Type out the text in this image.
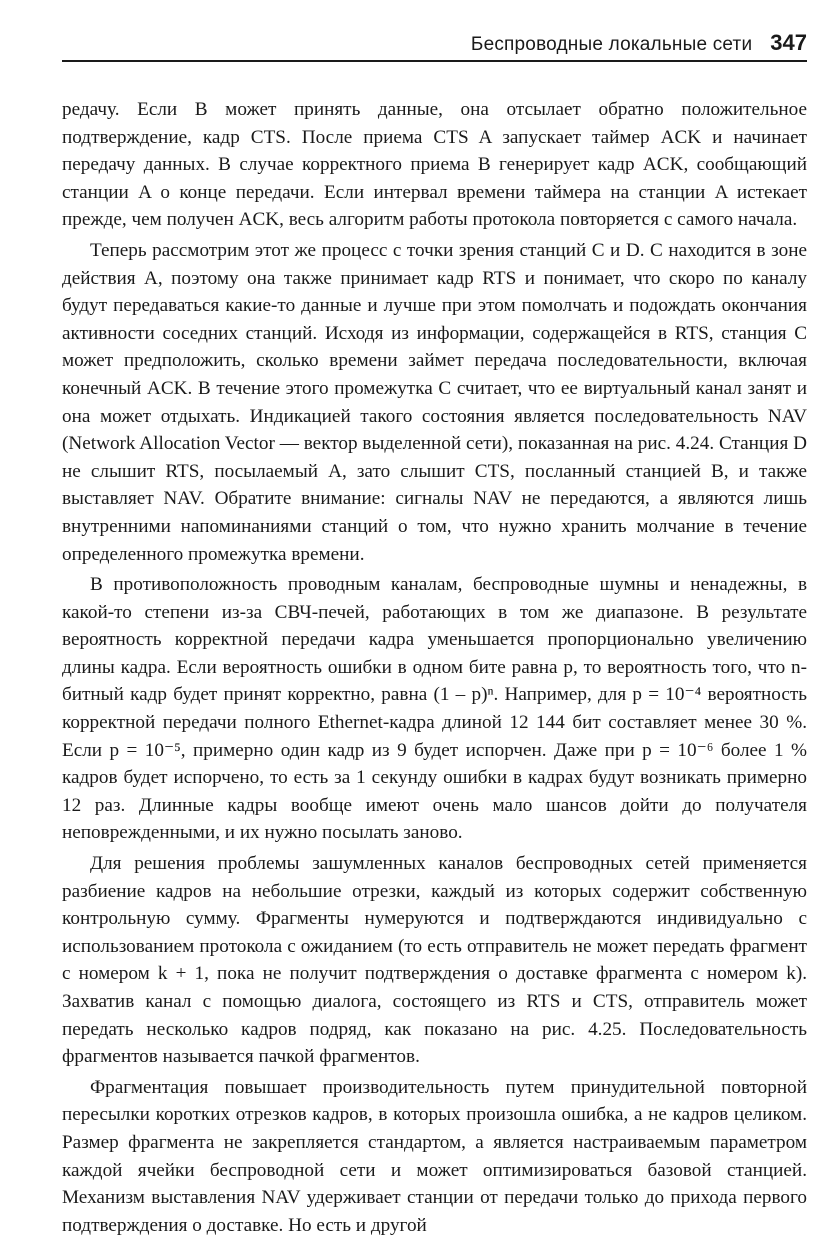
Беспроводные локальные сети 347

редачу. Если B может принять данные, она отсылает обратно положительное подтверждение, кадр CTS. После приема CTS A запускает таймер ACK и начинает передачу данных. В случае корректного приема B генерирует кадр ACK, сообщающий станции A о конце передачи. Если интервал времени таймера на станции A истекает прежде, чем получен ACK, весь алгоритм работы протокола повторяется с самого начала.

Теперь рассмотрим этот же процесс с точки зрения станций C и D. C находится в зоне действия A, поэтому она также принимает кадр RTS и понимает, что скоро по каналу будут передаваться какие-то данные и лучше при этом помолчать и подождать окончания активности соседних станций. Исходя из информации, содержащейся в RTS, станция C может предположить, сколько времени займет передача последовательности, включая конечный ACK. В течение этого промежутка C считает, что ее виртуальный канал занят и она может отдыхать. Индикацией такого состояния является последовательность NAV (Network Allocation Vector — вектор выделенной сети), показанная на рис. 4.24. Станция D не слышит RTS, посылаемый A, зато слышит CTS, посланный станцией B, и также выставляет NAV. Обратите внимание: сигналы NAV не передаются, а являются лишь внутренними напоминаниями станций о том, что нужно хранить молчание в течение определенного промежутка времени.

В противоположность проводным каналам, беспроводные шумны и ненадежны, в какой-то степени из-за СВЧ-печей, работающих в том же диапазоне. В результате вероятность корректной передачи кадра уменьшается пропорционально увеличению длины кадра. Если вероятность ошибки в одном бите равна p, то вероятность того, что n-битный кадр будет принят корректно, равна (1 – p)ⁿ. Например, для p = 10⁻⁴ вероятность корректной передачи полного Ethernet-кадра длиной 12 144 бит составляет менее 30 %. Если p = 10⁻⁵, примерно один кадр из 9 будет испорчен. Даже при p = 10⁻⁶ более 1 % кадров будет испорчено, то есть за 1 секунду ошибки в кадрах будут возникать примерно 12 раз. Длинные кадры вообще имеют очень мало шансов дойти до получателя неповрежденными, и их нужно посылать заново.

Для решения проблемы зашумленных каналов беспроводных сетей применяется разбиение кадров на небольшие отрезки, каждый из которых содержит собственную контрольную сумму. Фрагменты нумеруются и подтверждаются индивидуально с использованием протокола с ожиданием (то есть отправитель не может передать фрагмент с номером k + 1, пока не получит подтверждения о доставке фрагмента с номером k). Захватив канал с помощью диалога, состоящего из RTS и CTS, отправитель может передать несколько кадров подряд, как показано на рис. 4.25. Последовательность фрагментов называется пачкой фрагментов.

Фрагментация повышает производительность путем принудительной повторной пересылки коротких отрезков кадров, в которых произошла ошибка, а не кадров целиком. Размер фрагмента не закрепляется стандартом, а является настраиваемым параметром каждой ячейки беспроводной сети и может оптимизироваться базовой станцией. Механизм выставления NAV удерживает станции от передачи только до прихода первого подтверждения о доставке. Но есть и другой
